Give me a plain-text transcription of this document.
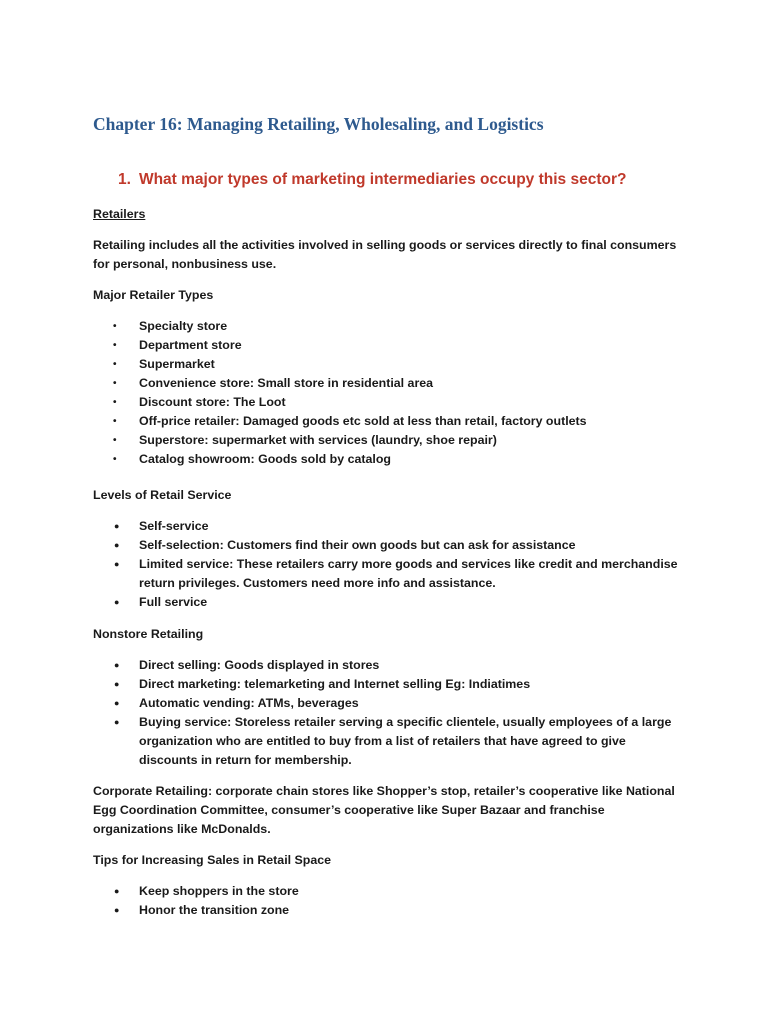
Chapter 16: Managing Retailing, Wholesaling, and Logistics
1. What major types of marketing intermediaries occupy this sector?
Retailers
Retailing includes all the activities involved in selling goods or services directly to final consumers for personal, nonbusiness use.
Major Retailer Types
• Specialty store
• Department store
• Supermarket
• Convenience store: Small store in residential area
• Discount store: The Loot
• Off-price retailer: Damaged goods etc sold at less than retail, factory outlets
• Superstore: supermarket with services (laundry, shoe repair)
• Catalog showroom: Goods sold by catalog
Levels of Retail Service
● Self-service
● Self-selection: Customers find their own goods but can ask for assistance
● Limited service: These retailers carry more goods and services like credit and merchandise return privileges. Customers need more info and assistance.
● Full service
Nonstore Retailing
● Direct selling: Goods displayed in stores
● Direct marketing: telemarketing and Internet selling Eg: Indiatimes
● Automatic vending: ATMs, beverages
● Buying service: Storeless retailer serving a specific clientele, usually employees of a large organization who are entitled to buy from a list of retailers that have agreed to give discounts in return for membership.
Corporate Retailing: corporate chain stores like Shopper’s stop, retailer’s cooperative like National Egg Coordination Committee, consumer’s cooperative like Super Bazaar and franchise organizations like McDonalds.
Tips for Increasing Sales in Retail Space
● Keep shoppers in the store
● Honor the transition zone
